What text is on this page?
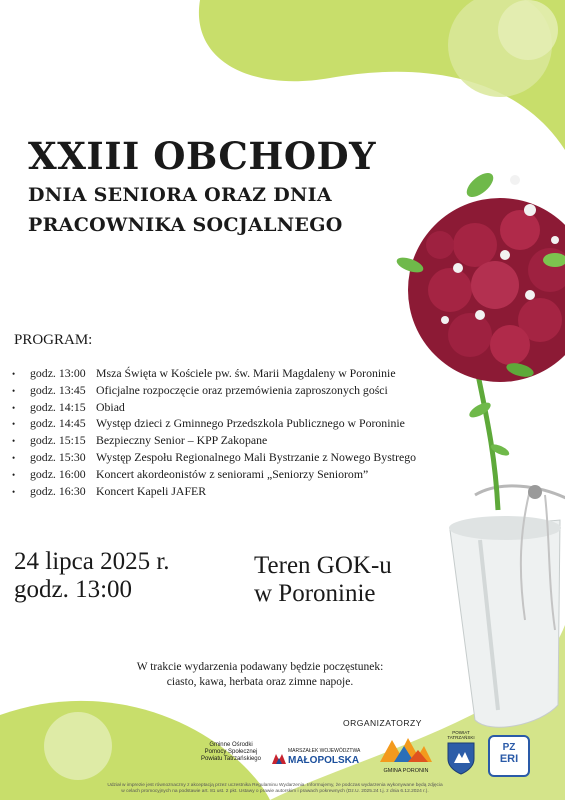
XXIII OBCHODY
DNIA SENIORA ORAZ DNIA
PRACOWNIKA SOCJALNEGO
PROGRAM:
• godz. 13:00 Msza Święta w Kościele pw. św. Marii Magdaleny w Poroninie
• godz. 13:45 Oficjalne rozpoczęcie oraz przemówienia zaproszonych gości
• godz. 14:15 Obiad
• godz. 14:45 Występ dzieci z Gminnego Przedszkola Publicznego w Poroninie
• godz. 15:15 Bezpieczny Senior – KPP Zakopane
• godz. 15:30 Występ Zespołu Regionalnego Mali Bystrzanie z Nowego Bystrego
• godz. 16:00 Koncert akordeonistów z seniorami „Seniorzy Seniorom”
• godz. 16:30 Koncert Kapeli JAFER
24 lipca 2025 r.
godz. 13:00
Teren GOK-u
w Poroninie
W trakcie wydarzenia podawany będzie poczęstunek:
ciasto, kawa, herbata oraz zimne napoje.
ORGANIZATORZY
Gminne Ośrodki
Pomocy Społecznej
Powiatu Tatrzańskiego
MARSZAŁEK WOJEWÓDZTWA
MAŁOPOLSKA
GMINA PORONIN
POWIAT TATRZAŃSKI
PZ
ERI
Udział w imprezie jest równoznaczny z akceptacją przez uczestnika Regulaminu Wydarzenia. Informujemy, że podczas wydarzenia wykonywane będą zdjęcia
w celach promocyjnych na podstawie art. 81 ust. 2 pkt. Ustawy o prawie autorskim i prawach pokrewnych (Dz.U. 2025.24 t.j. z dnia 6.12.2024 r.).
